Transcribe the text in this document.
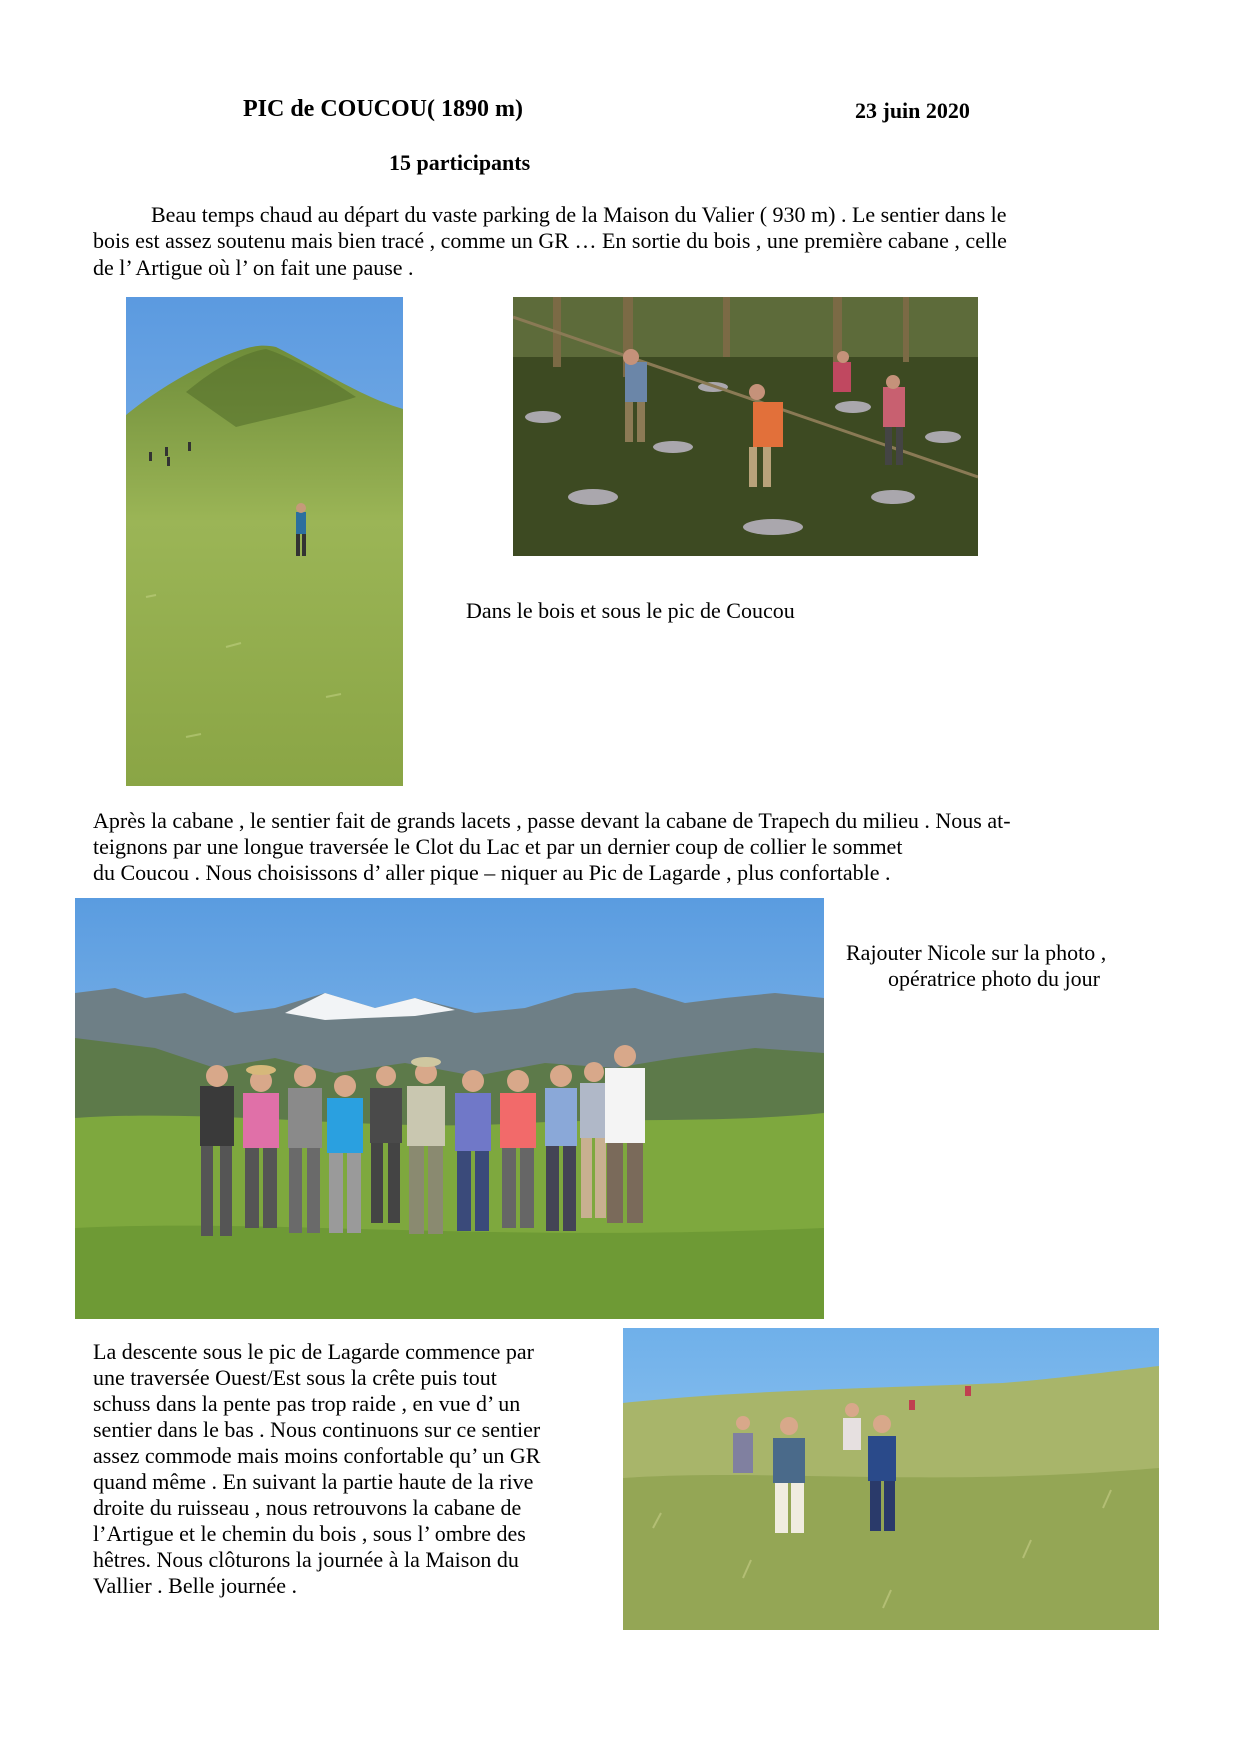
PIC de COUCOU( 1890 m)	23 juin 2020

15 participants

Beau temps chaud au départ du vaste parking de la Maison du Valier ( 930 m) . Le sentier dans le

bois est assez soutenu mais bien tracé , comme un GR … En sortie du bois , une première cabane , celle

de l’ Artigue où l’ on fait une pause .

Dans le bois et sous le pic de Coucou

Après la cabane , le sentier fait de grands lacets , passe devant la cabane de Trapech du milieu . Nous at-

teignons par une longue traversée le Clot du Lac et par un dernier coup de collier le sommet

du Coucou . Nous choisissons d’ aller pique – niquer au Pic de Lagarde , plus confortable .

Rajouter Nicole sur la photo ,

opératrice photo du jour

La descente sous le pic de Lagarde commence par

une traversée Ouest/Est sous la crête puis tout

schuss dans la pente pas trop raide , en vue d’ un

sentier dans le bas . Nous continuons sur ce sentier

assez commode mais moins confortable qu’ un GR

quand même . En suivant la partie haute de la rive

droite du ruisseau , nous retrouvons la cabane de

l’Artigue et le chemin du bois , sous l’ ombre des

hêtres. Nous clôturons la journée à la Maison du

Vallier . Belle journée .
